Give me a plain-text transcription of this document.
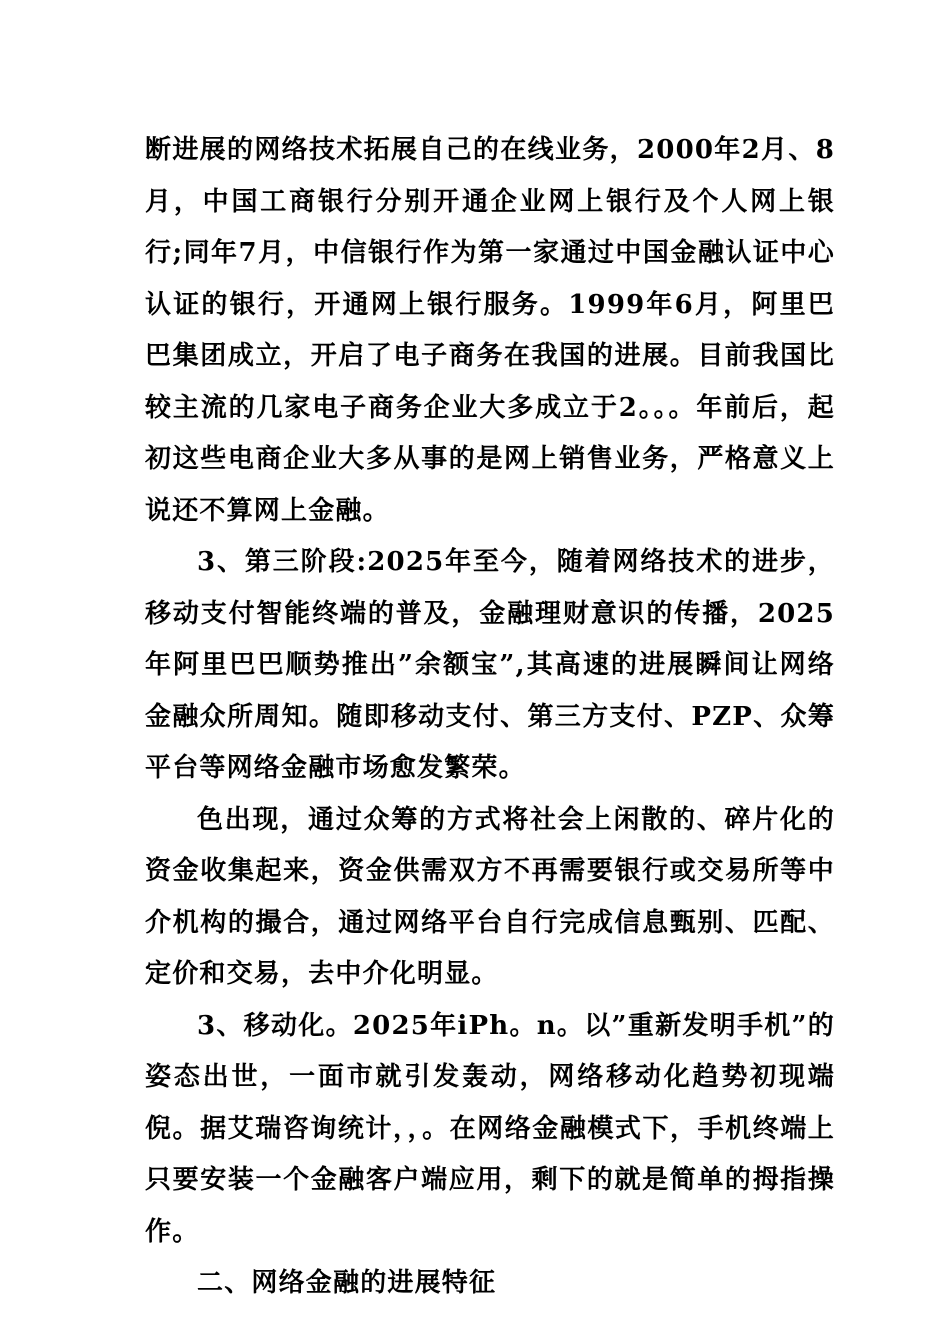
断进展的网络技术拓展自己的在线业务，2000年2月、8月，中国工商银行分别开通企业网上银行及个人网上银行;同年7月，中信银行作为第一家通过中国金融认证中心认证的银行，开通网上银行服务。1999年6月，阿里巴巴集团成立，开启了电子商务在我国的进展。目前我国比较主流的几家电子商务企业大多成立于2。。。年前后，起初这些电商企业大多从事的是网上销售业务，严格意义上说还不算网上金融。

3、第三阶段:2025年至今，随着网络技术的进步，移动支付智能终端的普及，金融理财意识的传播，2025年阿里巴巴顺势推出”余额宝”,其高速的进展瞬间让网络金融众所周知。随即移动支付、第三方支付、PZP、众筹平台等网络金融市场愈发繁荣。

色出现，通过众筹的方式将社会上闲散的、碎片化的资金收集起来，资金供需双方不再需要银行或交易所等中介机构的撮合，通过网络平台自行完成信息甄别、匹配、定价和交易，去中介化明显。

3、移动化。2025年iPh。n。以”重新发明手机”的姿态出世，一面市就引发轰动，网络移动化趋势初现端倪。据艾瑞咨询统计，，。在网络金融模式下，手机终端上只要安装一个金融客户端应用，剩下的就是简单的拇指操作。

二、网络金融的进展特征
